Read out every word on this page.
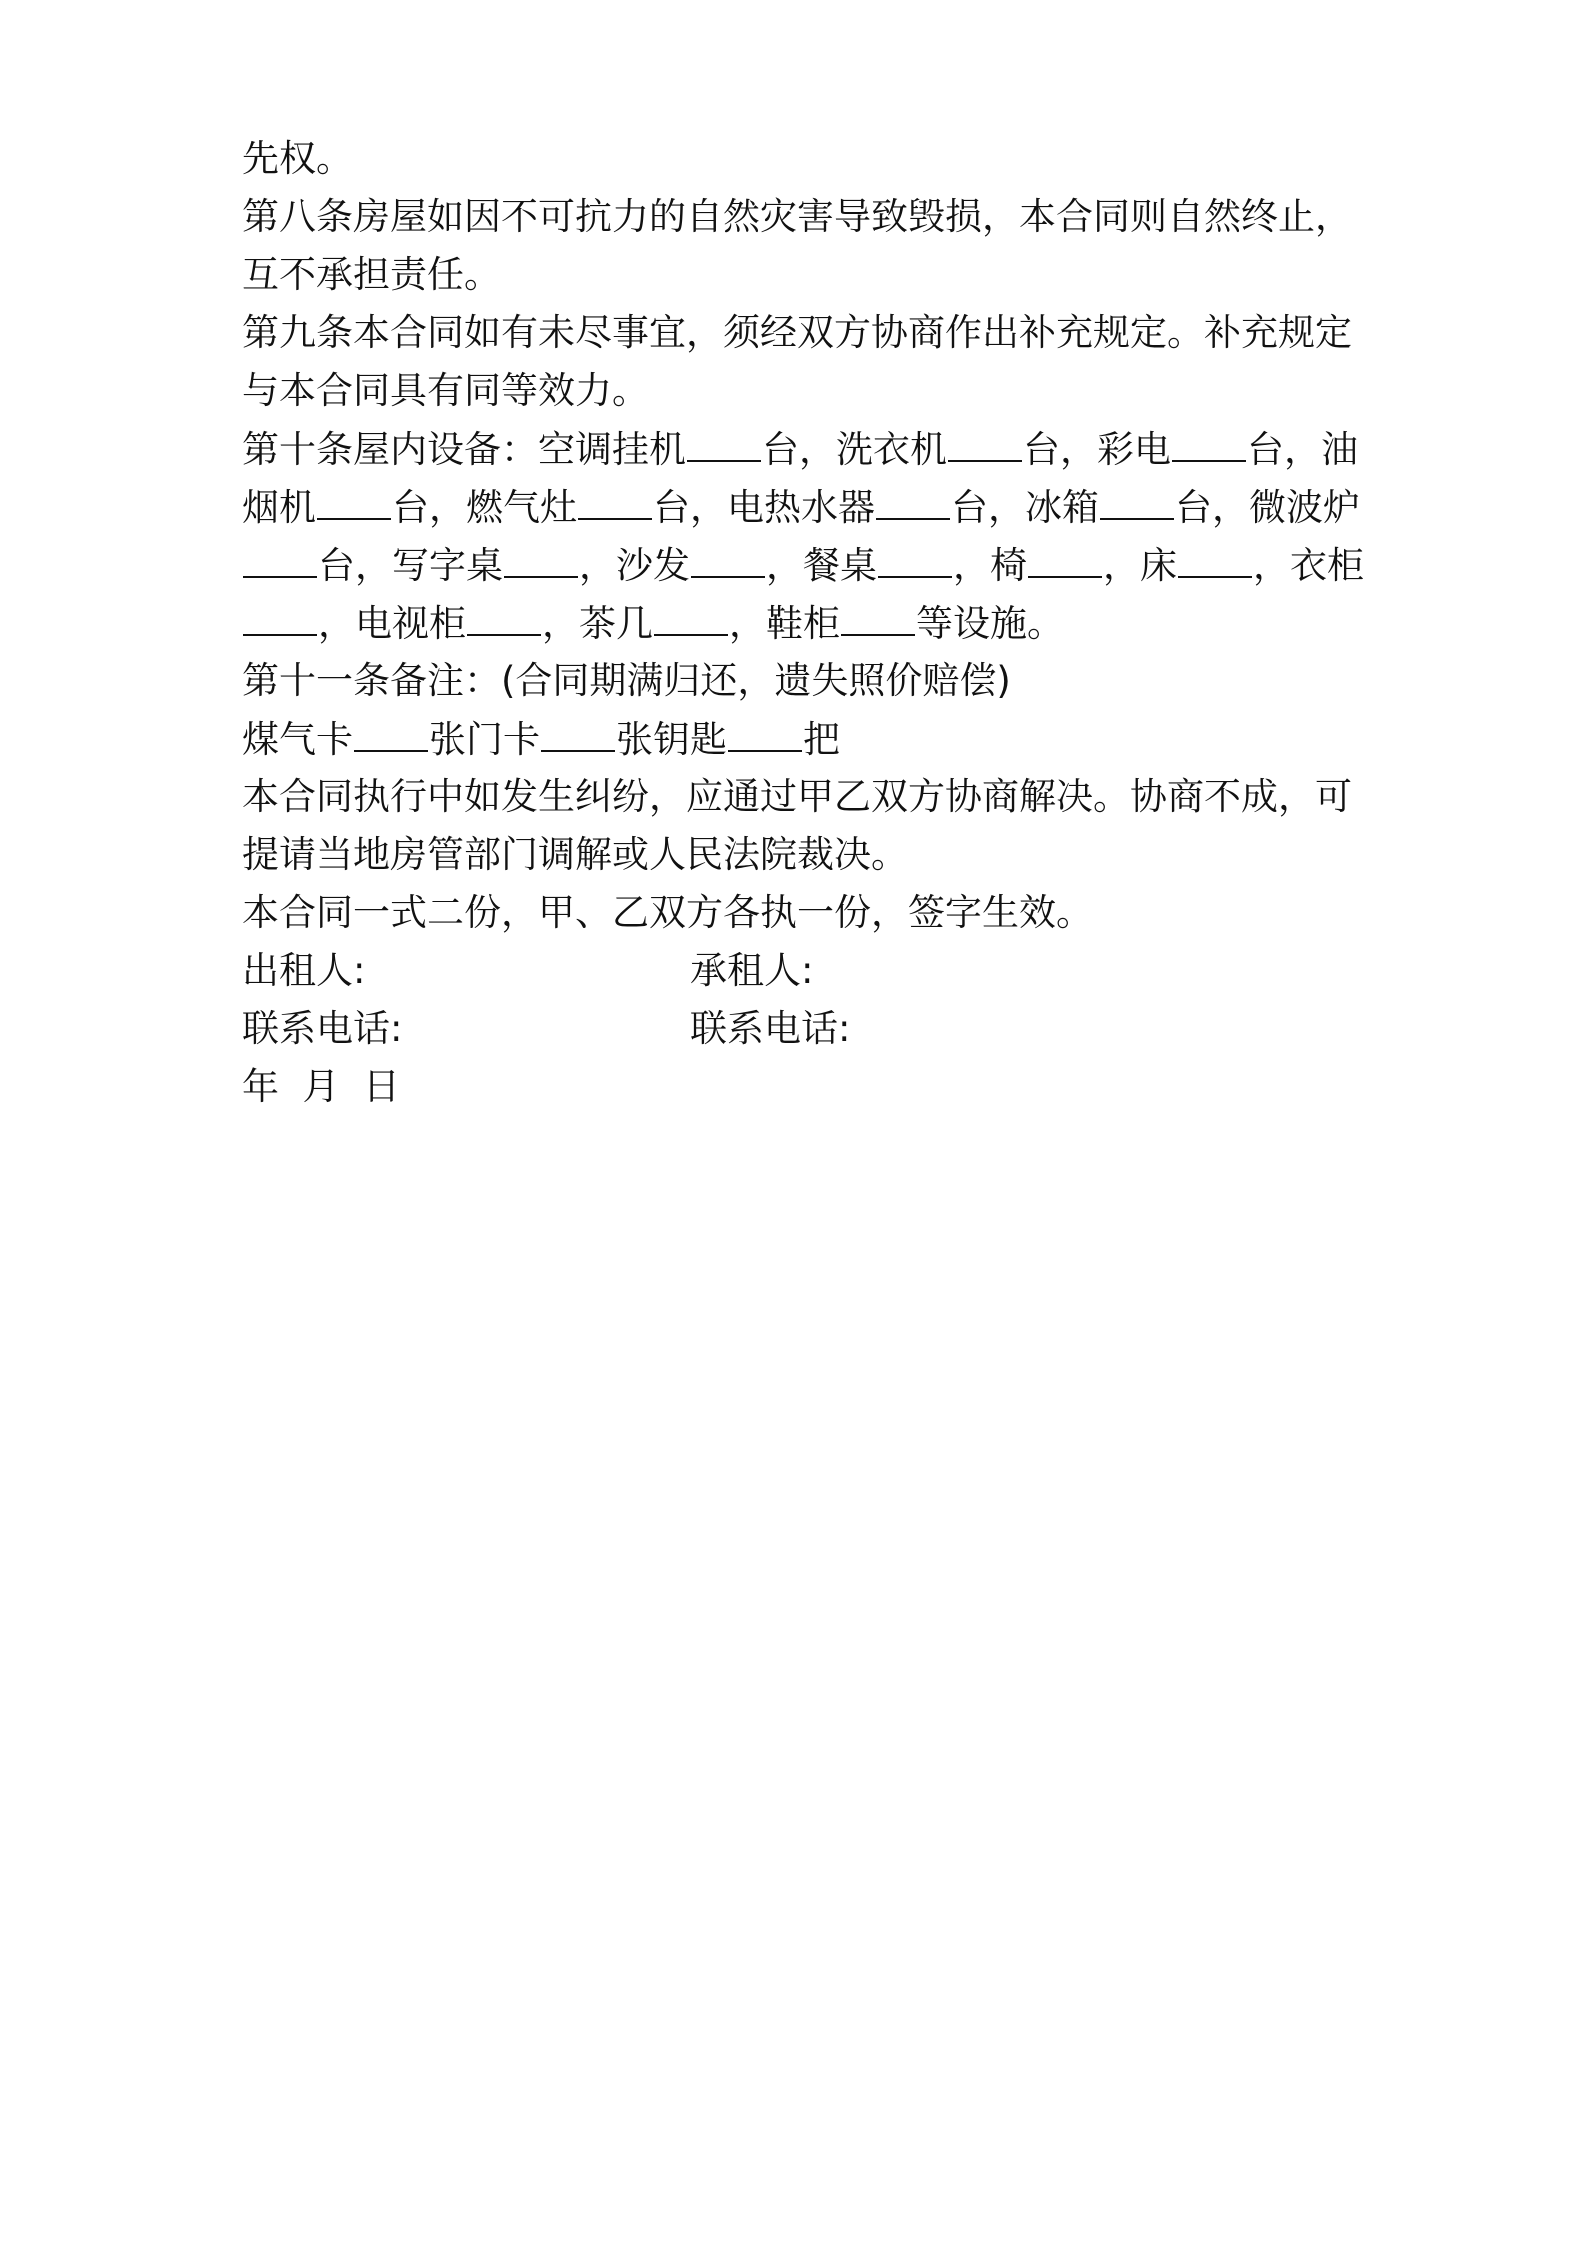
先权。
第八条房屋如因不可抗力的自然灾害导致毁损，本合同则自然终止，
互不承担责任。
第九条本合同如有未尽事宜，须经双方协商作出补充规定。补充规定
与本合同具有同等效力。
第十条屋内设备：空调挂机 台，洗衣机 台，彩电 台，油
烟机 台，燃气灶 台，电热水器 台，冰箱 台，微波炉
台，写字桌 ，沙发 ，餐桌 ，椅 ，床 ，衣柜
，电视柜 ，茶几 ，鞋柜 等设施。
第十一条备注：(合同期满归还，遗失照价赔偿)
煤气卡 张门卡 张钥匙 把
本合同执行中如发生纠纷，应通过甲乙双方协商解决。协商不成，可
提请当地房管部门调解或人民法院裁决。
本合同一式二份，甲、乙双方各执一份，签字生效。
出租人:	承租人:
联系电话:	联系电话:
年  月  日
